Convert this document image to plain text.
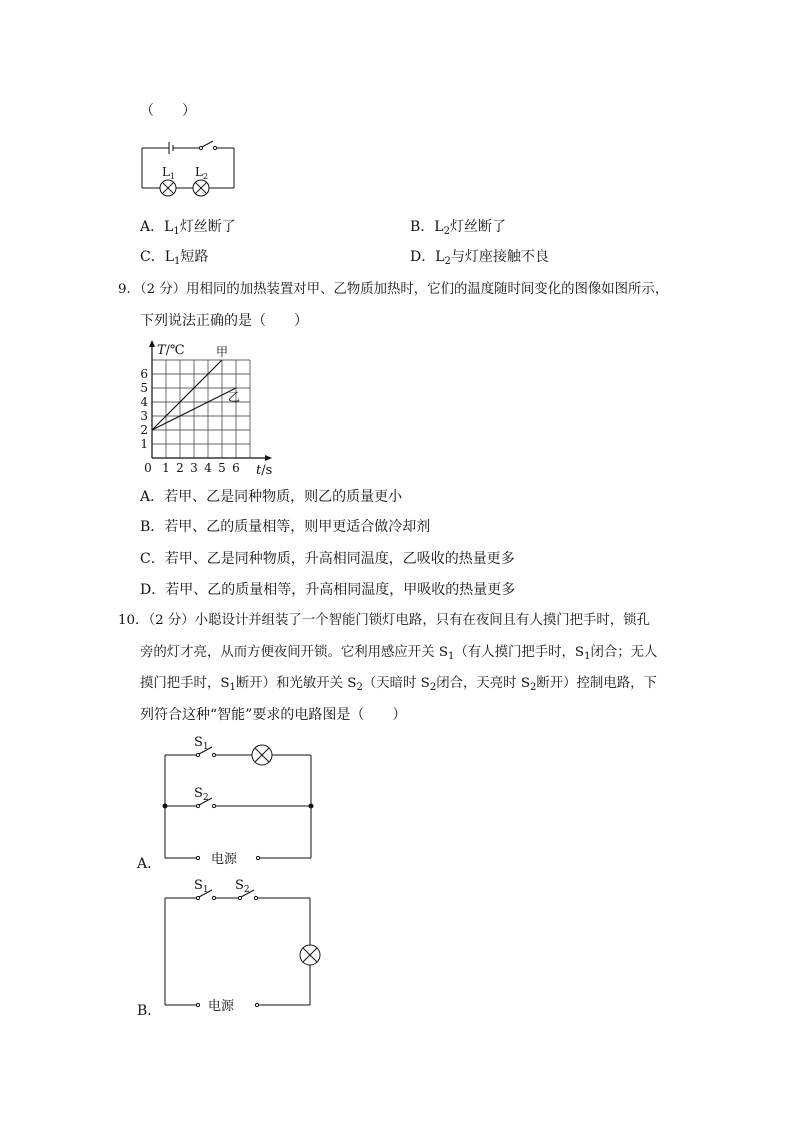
（　　）
$L_1$ $L_2$
A．$L_1$灯丝断了	B．$L_2$灯丝断了
C．$L_1$短路	D．$L_2$与灯座接触不良
9．（2 分）用相同的加热装置对甲、乙物质加热时，它们的温度随时间变化的图像如图所示，
下列说法正确的是（　　）
0 1 2 3 4 5 6
1
2
3
4
5
6
T/℃
t/s
甲
乙
A．若甲、乙是同种物质，则乙的质量更小
B．若甲、乙的质量相等，则甲更适合做冷却剂
C．若甲、乙是同种物质，升高相同温度，乙吸收的热量更多
D．若甲、乙的质量相等，升高相同温度，甲吸收的热量更多
10．（2 分）小聪设计并组装了一个智能门锁灯电路，只有在夜间且有人摸门把手时，锁孔
旁的灯才亮，从而方便夜间开锁。它利用感应开关 $S_1$（有人摸门把手时，$S_1$闭合；无人
摸门把手时，$S_1$断开）和光敏开关 $S_2$（天暗时 $S_2$闭合，天亮时 $S_2$断开）控制电路，下
列符合这种“智能”要求的电路图是（　　）
$S_1$
$S_2$
电源
A．
$S_1$ $S_2$
电源
B．
